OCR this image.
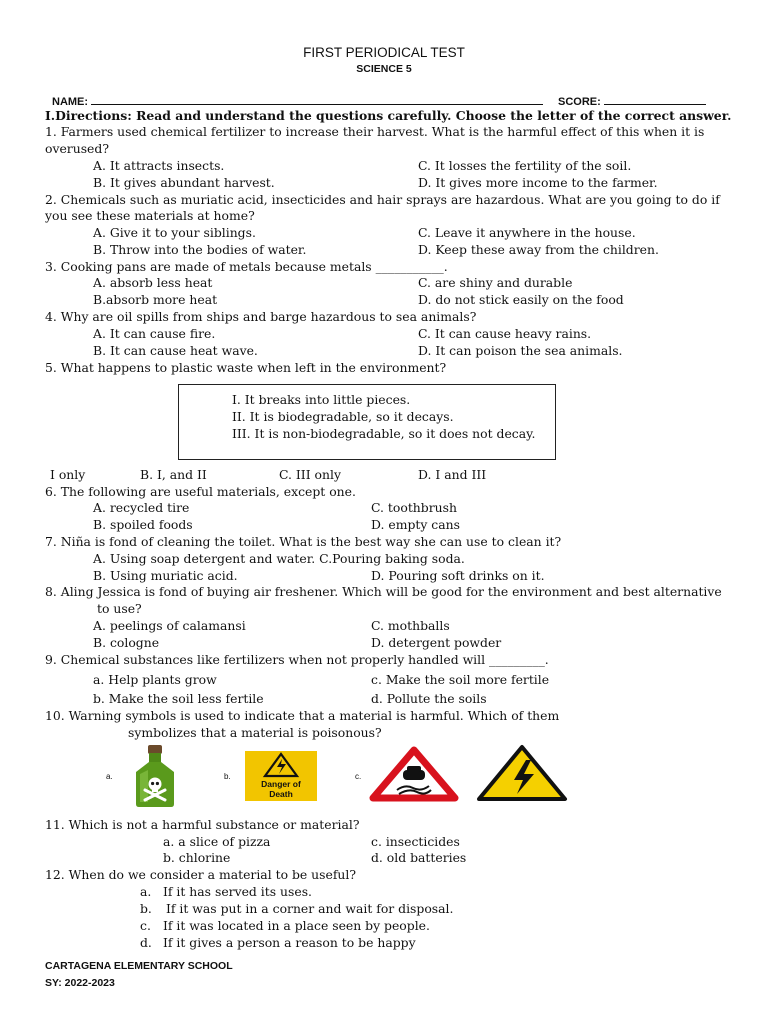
FIRST PERIODICAL TEST
SCIENCE 5
NAME:	SCORE:
I.Directions: Read and understand the questions carefully. Choose the letter of the correct answer.
1. Farmers used chemical fertilizer to increase their harvest. What is the harmful effect of this when it is
overused?
A. It attracts insects.	C. It losses the fertility of the soil.
B. It gives abundant harvest.	D. It gives more income to the farmer.
2. Chemicals such as muriatic acid, insecticides and hair sprays are hazardous. What are you going to do if
you see these materials at home?
A. Give it to your siblings.	C. Leave it anywhere in the house.
B. Throw into the bodies of water.	D. Keep these away from the children.
3. Cooking pans are made of metals because metals ___________.
A. absorb less heat	C. are shiny and durable
B.absorb more heat	D. do not stick easily on the food
4. Why are oil spills from ships and barge hazardous to sea animals?
A. It can cause fire.	C. It can cause heavy rains.
B. It can cause heat wave.	D. It can poison the sea animals.
5. What happens to plastic waste when left in the environment?
I. It breaks into little pieces.
II. It is biodegradable, so it decays.
III. It is non-biodegradable, so it does not decay.
I only	B. I, and II	C. III only	D. I and III
6. The following are useful materials, except one.
A. recycled tire	C. toothbrush
B. spoiled foods	D. empty cans
7. Niña is fond of cleaning the toilet. What is the best way she can use to clean it?
A. Using soap detergent and water. C.Pouring baking soda.
B. Using muriatic acid.	D. Pouring soft drinks on it.
8. Aling Jessica is fond of buying air freshener. Which will be good for the environment and best alternative
to use?
A. peelings of calamansi	C. mothballs
B. cologne	D. detergent powder
9. Chemical substances like fertilizers when not properly handled will _________.
a. Help plants grow	c. Make the soil more fertile
b. Make the soil less fertile	d. Pollute the soils
10. Warning symbols is used to indicate that a material is harmful. Which of them
symbolizes that a material is poisonous?
a.	b.
Danger of
Death
c.
11. Which is not a harmful substance or material?
a. a slice of pizza	c. insecticides
b. chlorine	d. old batteries
12. When do we consider a material to be useful?
a. If it has served its uses.
b. If it was put in a corner and wait for disposal.
c. If it was located in a place seen by people.
d. If it gives a person a reason to be happy
CARTAGENA ELEMENTARY SCHOOL
SY: 2022-2023
